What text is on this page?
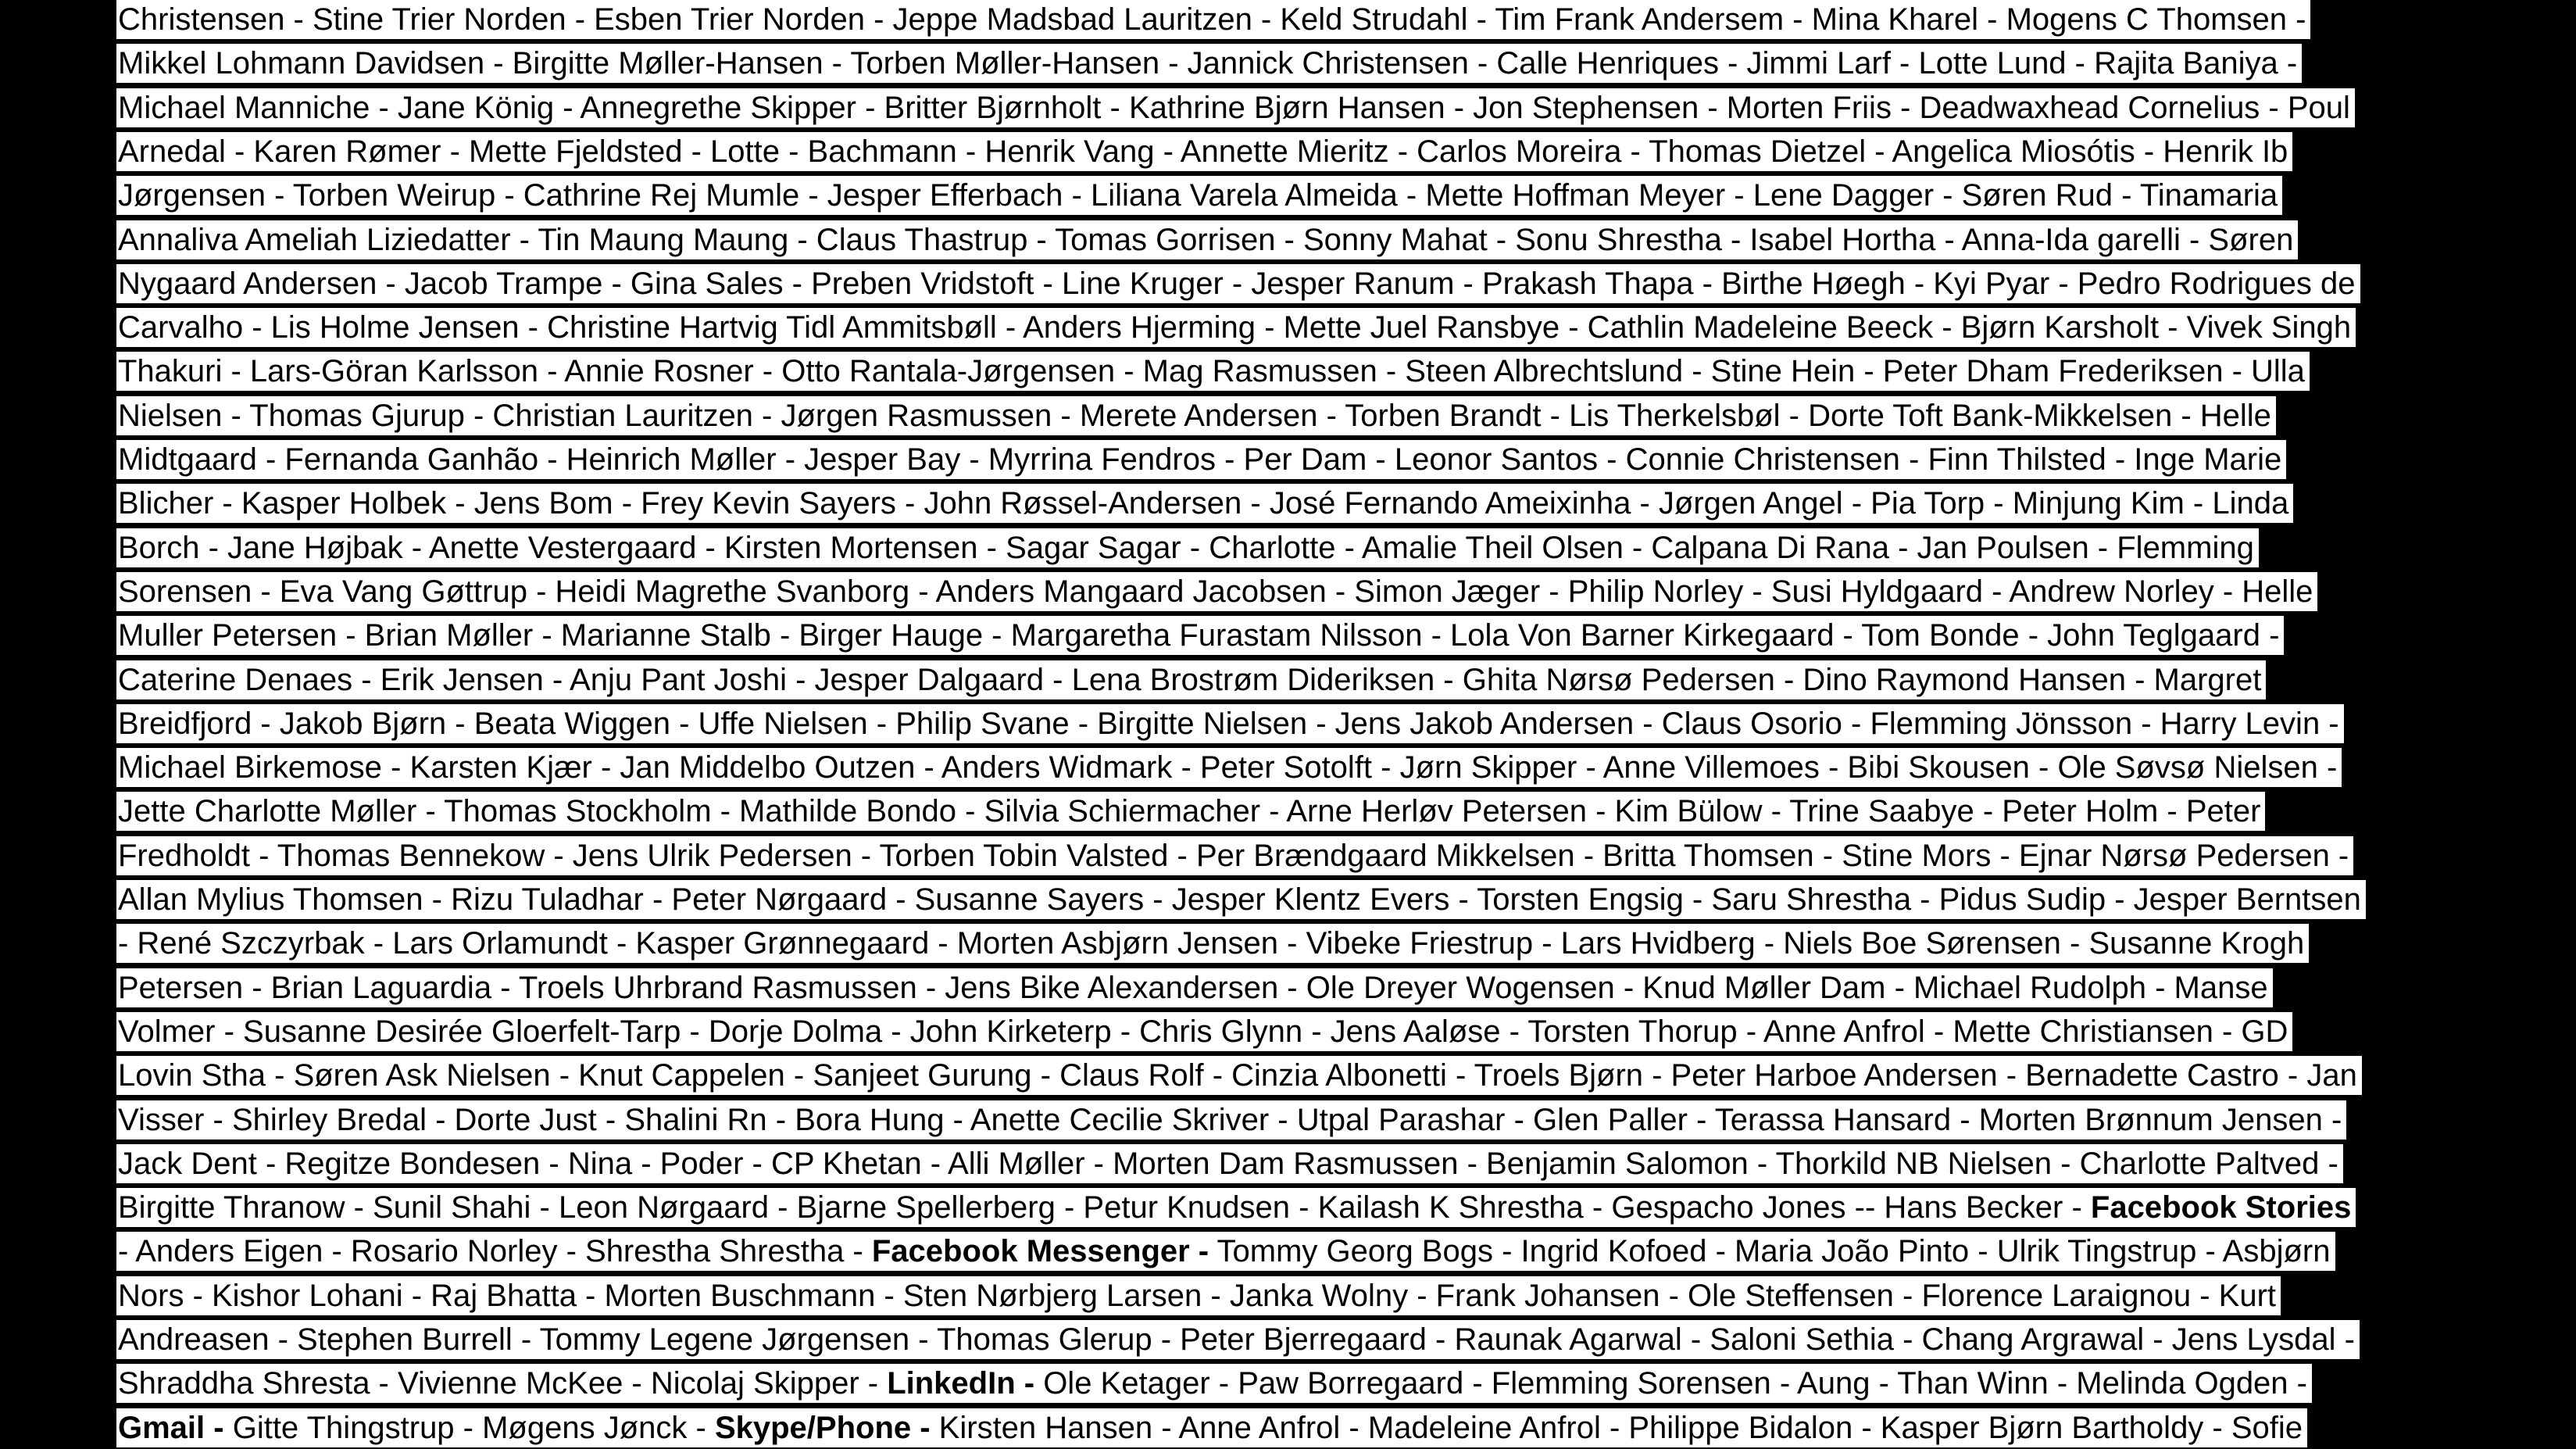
Christensen - Stine Trier Norden - Esben Trier Norden - Jeppe Madsbad Lauritzen - Keld Strudahl - Tim Frank Andersem - Mina Kharel - Mogens C Thomsen -
Mikkel Lohmann Davidsen - Birgitte Møller-Hansen - Torben Møller-Hansen - Jannick Christensen - Calle Henriques - Jimmi Larf - Lotte Lund - Rajita Baniya -
Michael Manniche - Jane König - Annegrethe Skipper - Britter Bjørnholt - Kathrine Bjørn Hansen - Jon Stephensen - Morten Friis - Deadwaxhead Cornelius - Poul
Arnedal - Karen Rømer - Mette Fjeldsted - Lotte - Bachmann - Henrik Vang - Annette Mieritz - Carlos Moreira - Thomas Dietzel - Angelica Miosótis - Henrik Ib
Jørgensen - Torben Weirup - Cathrine Rej Mumle - Jesper Efferbach - Liliana Varela Almeida - Mette Hoffman Meyer - Lene Dagger - Søren Rud - Tinamaria
Annaliva Ameliah Liziedatter - Tin Maung Maung - Claus Thastrup - Tomas Gorrisen - Sonny Mahat - Sonu Shrestha - Isabel Hortha - Anna-Ida garelli - Søren
Nygaard Andersen - Jacob Trampe - Gina Sales - Preben Vridstoft - Line Kruger - Jesper Ranum - Prakash Thapa - Birthe Høegh - Kyi Pyar - Pedro Rodrigues de
Carvalho - Lis Holme Jensen - Christine Hartvig Tidl Ammitsbøll - Anders Hjerming - Mette Juel Ransbye - Cathlin Madeleine Beeck - Bjørn Karsholt - Vivek Singh
Thakuri - Lars-Göran Karlsson - Annie Rosner - Otto Rantala-Jørgensen - Mag Rasmussen - Steen Albrechtslund - Stine Hein - Peter Dham Frederiksen - Ulla
Nielsen - Thomas Gjurup - Christian Lauritzen - Jørgen Rasmussen - Merete Andersen - Torben Brandt - Lis Therkelsbøl - Dorte Toft Bank-Mikkelsen - Helle
Midtgaard - Fernanda Ganhão - Heinrich Møller - Jesper Bay - Myrrina Fendros - Per Dam - Leonor Santos - Connie Christensen - Finn Thilsted - Inge Marie
Blicher - Kasper Holbek - Jens Bom - Frey Kevin Sayers - John Røssel-Andersen - José Fernando Ameixinha - Jørgen Angel - Pia Torp - Minjung Kim - Linda
Borch - Jane Højbak - Anette Vestergaard - Kirsten Mortensen - Sagar Sagar - Charlotte - Amalie Theil Olsen - Calpana Di Rana - Jan Poulsen - Flemming
Sorensen - Eva Vang Gøttrup - Heidi Magrethe Svanborg - Anders Mangaard Jacobsen - Simon Jæger - Philip Norley - Susi Hyldgaard - Andrew Norley - Helle
Muller Petersen - Brian Møller - Marianne Stalb - Birger Hauge - Margaretha Furastam Nilsson - Lola Von Barner Kirkegaard - Tom Bonde - John Teglgaard -
Caterine Denaes - Erik Jensen - Anju Pant Joshi - Jesper Dalgaard - Lena Brostrøm Dideriksen - Ghita Nørsø Pedersen - Dino Raymond Hansen - Margret
Breidfjord - Jakob Bjørn - Beata Wiggen - Uffe Nielsen - Philip Svane - Birgitte Nielsen - Jens Jakob Andersen - Claus Osorio - Flemming Jönsson - Harry Levin -
Michael Birkemose - Karsten Kjær - Jan Middelbo Outzen - Anders Widmark - Peter Sotolft - Jørn Skipper - Anne Villemoes - Bibi Skousen - Ole Søvsø Nielsen -
Jette Charlotte Møller - Thomas Stockholm - Mathilde Bondo - Silvia Schiermacher - Arne Herløv Petersen - Kim Bülow - Trine Saabye - Peter Holm - Peter
Fredholdt - Thomas Bennekow - Jens Ulrik Pedersen - Torben Tobin Valsted - Per Brændgaard Mikkelsen - Britta Thomsen - Stine Mors - Ejnar Nørsø Pedersen -
Allan Mylius Thomsen - Rizu Tuladhar - Peter Nørgaard - Susanne Sayers - Jesper Klentz Evers - Torsten Engsig - Saru Shrestha - Pidus Sudip - Jesper Berntsen
- René Szczyrbak - Lars Orlamundt - Kasper Grønnegaard - Morten Asbjørn Jensen - Vibeke Friestrup - Lars Hvidberg - Niels Boe Sørensen - Susanne Krogh
Petersen - Brian Laguardia - Troels Uhrbrand Rasmussen - Jens Bike Alexandersen - Ole Dreyer Wogensen - Knud Møller Dam - Michael Rudolph - Manse
Volmer - Susanne Desirée Gloerfelt-Tarp - Dorje Dolma - John Kirketerp - Chris Glynn - Jens Aaløse - Torsten Thorup - Anne Anfrol - Mette Christiansen - GD
Lovin Stha - Søren Ask Nielsen - Knut Cappelen - Sanjeet Gurung - Claus Rolf - Cinzia Albonetti - Troels Bjørn - Peter Harboe Andersen - Bernadette Castro - Jan
Visser - Shirley Bredal - Dorte Just - Shalini Rn - Bora Hung - Anette Cecilie Skriver - Utpal Parashar - Glen Paller - Terassa Hansard - Morten Brønnum Jensen -
Jack Dent - Regitze Bondesen - Nina - Poder - CP Khetan - Alli Møller - Morten Dam Rasmussen - Benjamin Salomon - Thorkild NB Nielsen - Charlotte Paltved -
Birgitte Thranow - Sunil Shahi - Leon Nørgaard - Bjarne Spellerberg - Petur Knudsen - Kailash K Shrestha - Gespacho Jones -- Hans Becker - Facebook Stories
- Anders Eigen - Rosario Norley - Shrestha Shrestha - Facebook Messenger - Tommy Georg Bogs - Ingrid Kofoed - Maria João Pinto - Ulrik Tingstrup - Asbjørn
Nors - Kishor Lohani - Raj Bhatta - Morten Buschmann - Sten Nørbjerg Larsen - Janka Wolny - Frank Johansen - Ole Steffensen - Florence Laraignou - Kurt
Andreasen - Stephen Burrell - Tommy Legene Jørgensen - Thomas Glerup - Peter Bjerregaard - Raunak Agarwal - Saloni Sethia - Chang Argrawal - Jens Lysdal -
Shraddha Shresta - Vivienne McKee - Nicolaj Skipper - LinkedIn - Ole Ketager - Paw Borregaard - Flemming Sorensen - Aung - Than Winn - Melinda Ogden -
Gmail - Gitte Thingstrup - Møgens Jønck - Skype/Phone - Kirsten Hansen - Anne Anfrol - Madeleine Anfrol - Philippe Bidalon - Kasper Bjørn Bartholdy - Sofie
